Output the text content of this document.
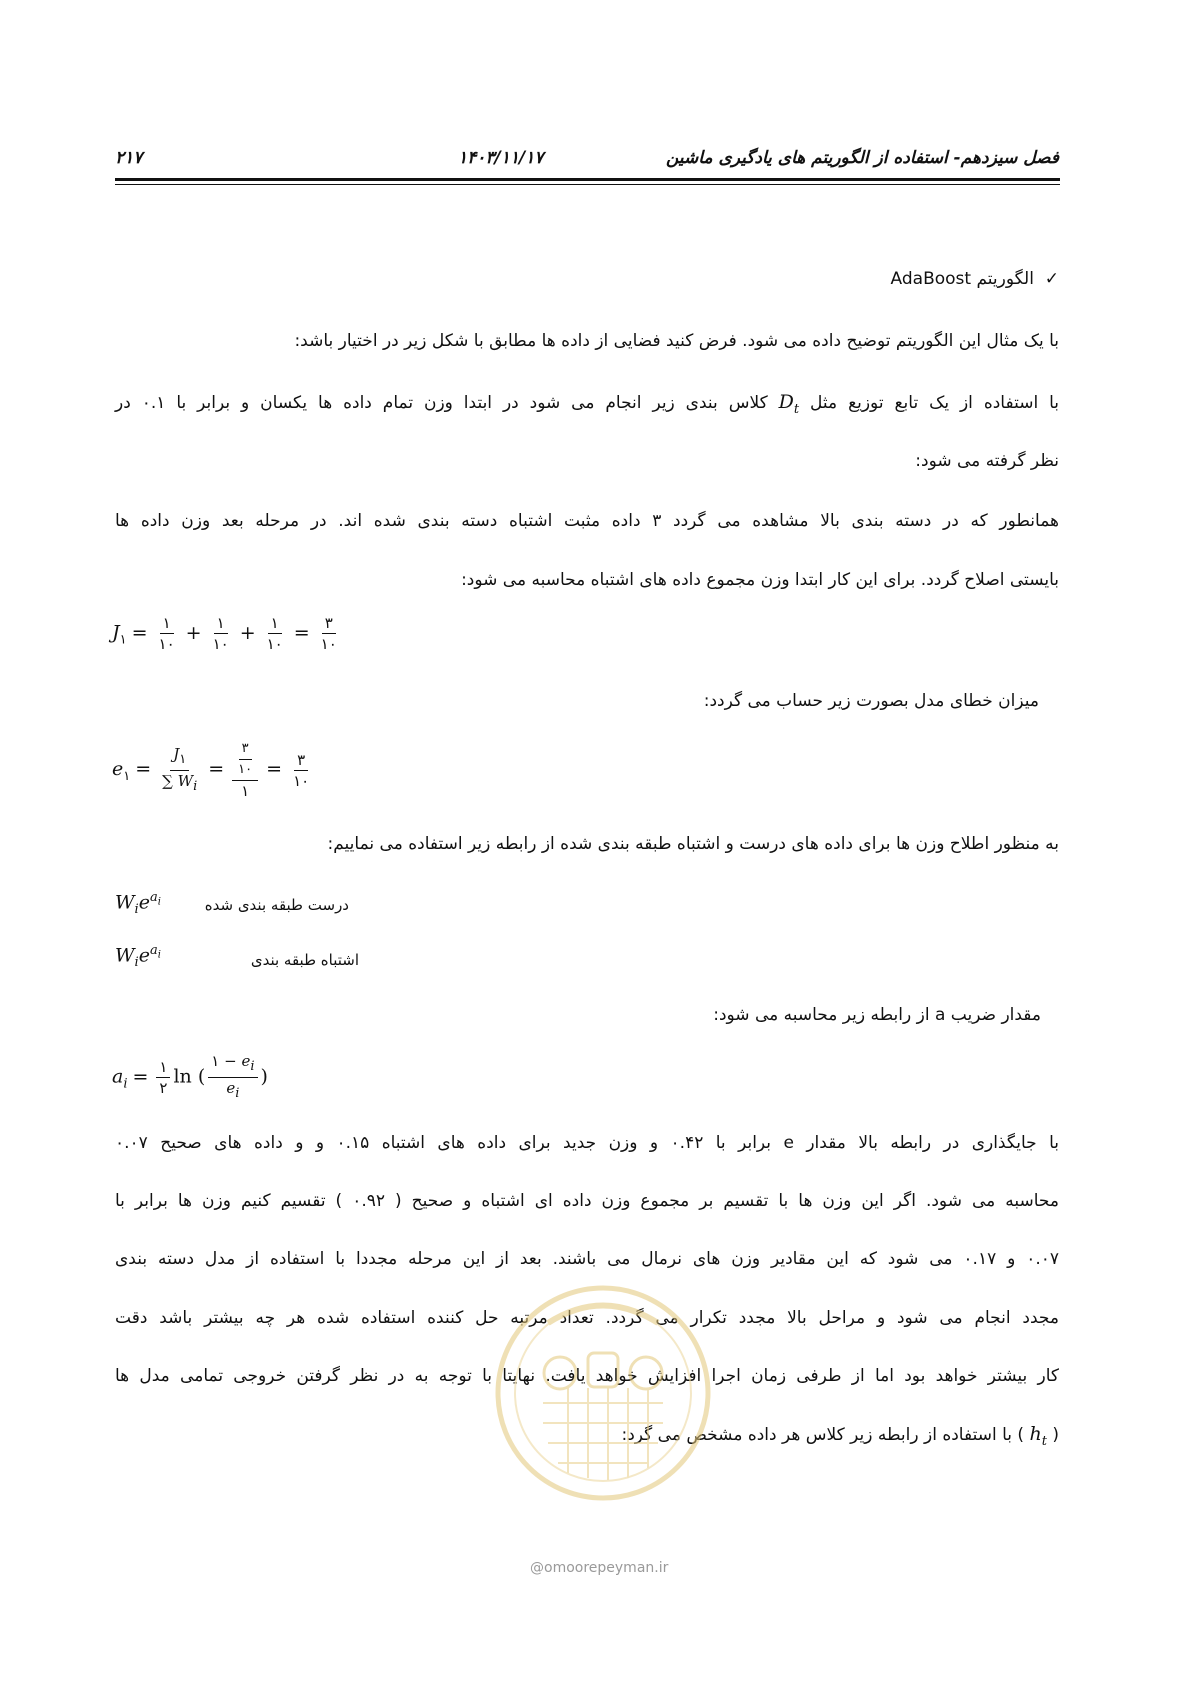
۲۱۷	۱۴۰۳/۱۱/۱۷	فصل سیزدهم- استفاده از الگوریتم های یادگیری ماشین
✓  الگوریتم AdaBoost
با یک مثال این الگوریتم توضیح داده می شود. فرض کنید فضایی از داده ها مطابق با شکل زیر در اختیار باشد:
با استفاده از یک تابع توزیع مثل $D_t$ کلاس بندی زیر انجام می شود در ابتدا وزن تمام داده ها یکسان و برابر با ۰.۱ در
نظر گرفته می شود:
همانطور که در دسته بندی بالا مشاهده می گردد ۳ داده مثبت اشتباه دسته بندی شده اند. در مرحله بعد وزن داده ها
بایستی اصلاح گردد. برای این کار ابتدا وزن مجموع داده های اشتباه محاسبه می شود:
$J_۱ = \frac{۱}{۱۰} + \frac{۱}{۱۰} + \frac{۱}{۱۰} = \frac{۳}{۱۰}$
میزان خطای مدل بصورت زیر حساب می گردد:
$e_۱ = \frac{J_۱}{\sum W_i} = \frac{\frac{۳}{۱۰}}{۱} = \frac{۳}{۱۰}$
به منظور اطلاح وزن ها برای داده های درست و اشتباه طبقه بندی شده از رابطه زیر استفاده می نماییم:
$W_ie^{a_i}$	درست طبقه بندی شده
$W_ie^{a_i}$	اشتباه طبقه بندی
مقدار ضریب a از رابطه زیر محاسبه می شود:
$a_i = \frac{۱}{۲}$ ln ( $\frac{۱ - e_i}{e_i}$ )
با جایگذاری در رابطه بالا مقدار e برابر با ۰.۴۲ و وزن جدید برای داده های اشتباه ۰.۱۵ و و داده های صحیح ۰.۰۷
محاسبه می شود. اگر این وزن ها با تقسیم بر مجموع وزن داده ای اشتباه و صحیح ( ۰.۹۲ ) تقسیم کنیم وزن ها برابر با
۰.۰۷ و ۰.۱۷ می شود که این مقادیر وزن های نرمال می باشند. بعد از این مرحله مجددا با استفاده از مدل دسته بندی
مجدد انجام می شود و مراحل بالا مجدد تکرار می گردد. تعداد مرتبه حل کننده استفاده شده هر چه بیشتر باشد دقت
کار بیشتر خواهد بود اما از طرفی زمان اجرا افزایش خواهد یافت. نهایتا با توجه به در نظر گرفتن خروجی تمامی مدل ها
( $h_t$ ) با استفاده از رابطه زیر کلاس هر داده مشخص می گرد:
@omoorepeyman.ir
